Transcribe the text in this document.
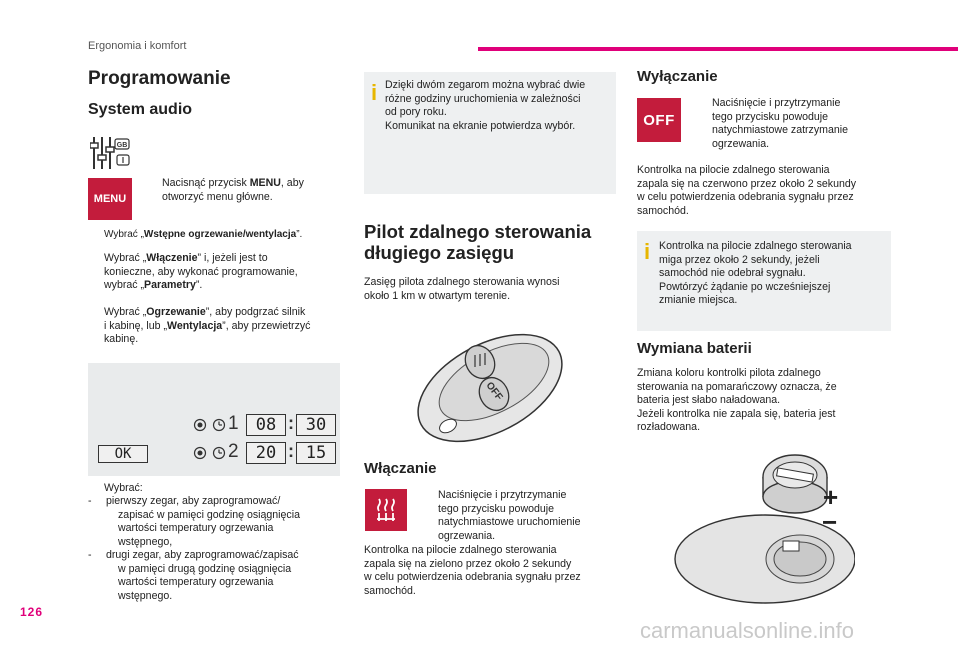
Ergonomia i komfort
Programowanie
System audio
GB
MENU
Nacisnąć przycisk MENU, aby
otworzyć menu główne.
Wybrać „Wstępne ogrzewanie/wentylacja”.
Wybrać „Włączenie” i, jeżeli jest to
konieczne, aby wykonać programowanie,
wybrać „Parametry”.
Wybrać „Ogrzewanie”, aby podgrzać silnik
i kabinę, lub „Wentylacja”, aby przewietrzyć
kabinę.
1	08 : 30
OK	2	20 : 15
Wybrać:
- pierwszy zegar, aby zaprogramować/
zapisać w pamięci godzinę osiągnięcia
wartości temperatury ogrzewania
wstępnego,
- drugi zegar, aby zaprogramować/zapisać
w pamięci drugą godzinę osiągnięcia
wartości temperatury ogrzewania
wstępnego.
i Dzięki dwóm zegarom można wybrać dwie
różne godziny uruchomienia w zależności
od pory roku.
Komunikat na ekranie potwierdza wybór.
Pilot zdalnego sterowania
długiego zasięgu
Zasięg pilota zdalnego sterowania wynosi
około 1 km w otwartym terenie.
OFF
Włączanie
Naciśnięcie i przytrzymanie
tego przycisku powoduje
natychmiastowe uruchomienie
ogrzewania.
Kontrolka na pilocie zdalnego sterowania
zapala się na zielono przez około 2 sekundy
w celu potwierdzenia odebrania sygnału przez
samochód.
Wyłączanie
OFF
Naciśnięcie i przytrzymanie
tego przycisku powoduje
natychmiastowe zatrzymanie
ogrzewania.
Kontrolka na pilocie zdalnego sterowania
zapala się na czerwono przez około 2 sekundy
w celu potwierdzenia odebrania sygnału przez
samochód.
i Kontrolka na pilocie zdalnego sterowania
miga przez około 2 sekundy, jeżeli
samochód nie odebrał sygnału.
Powtórzyć żądanie po wcześniejszej
zmianie miejsca.
Wymiana baterii
Zmiana koloru kontrolki pilota zdalnego
sterowania na pomarańczowy oznacza, że
bateria jest słabo naładowana.
Jeżeli kontrolka nie zapala się, bateria jest
rozładowana.
+
−
126
carmanualsonline.info
